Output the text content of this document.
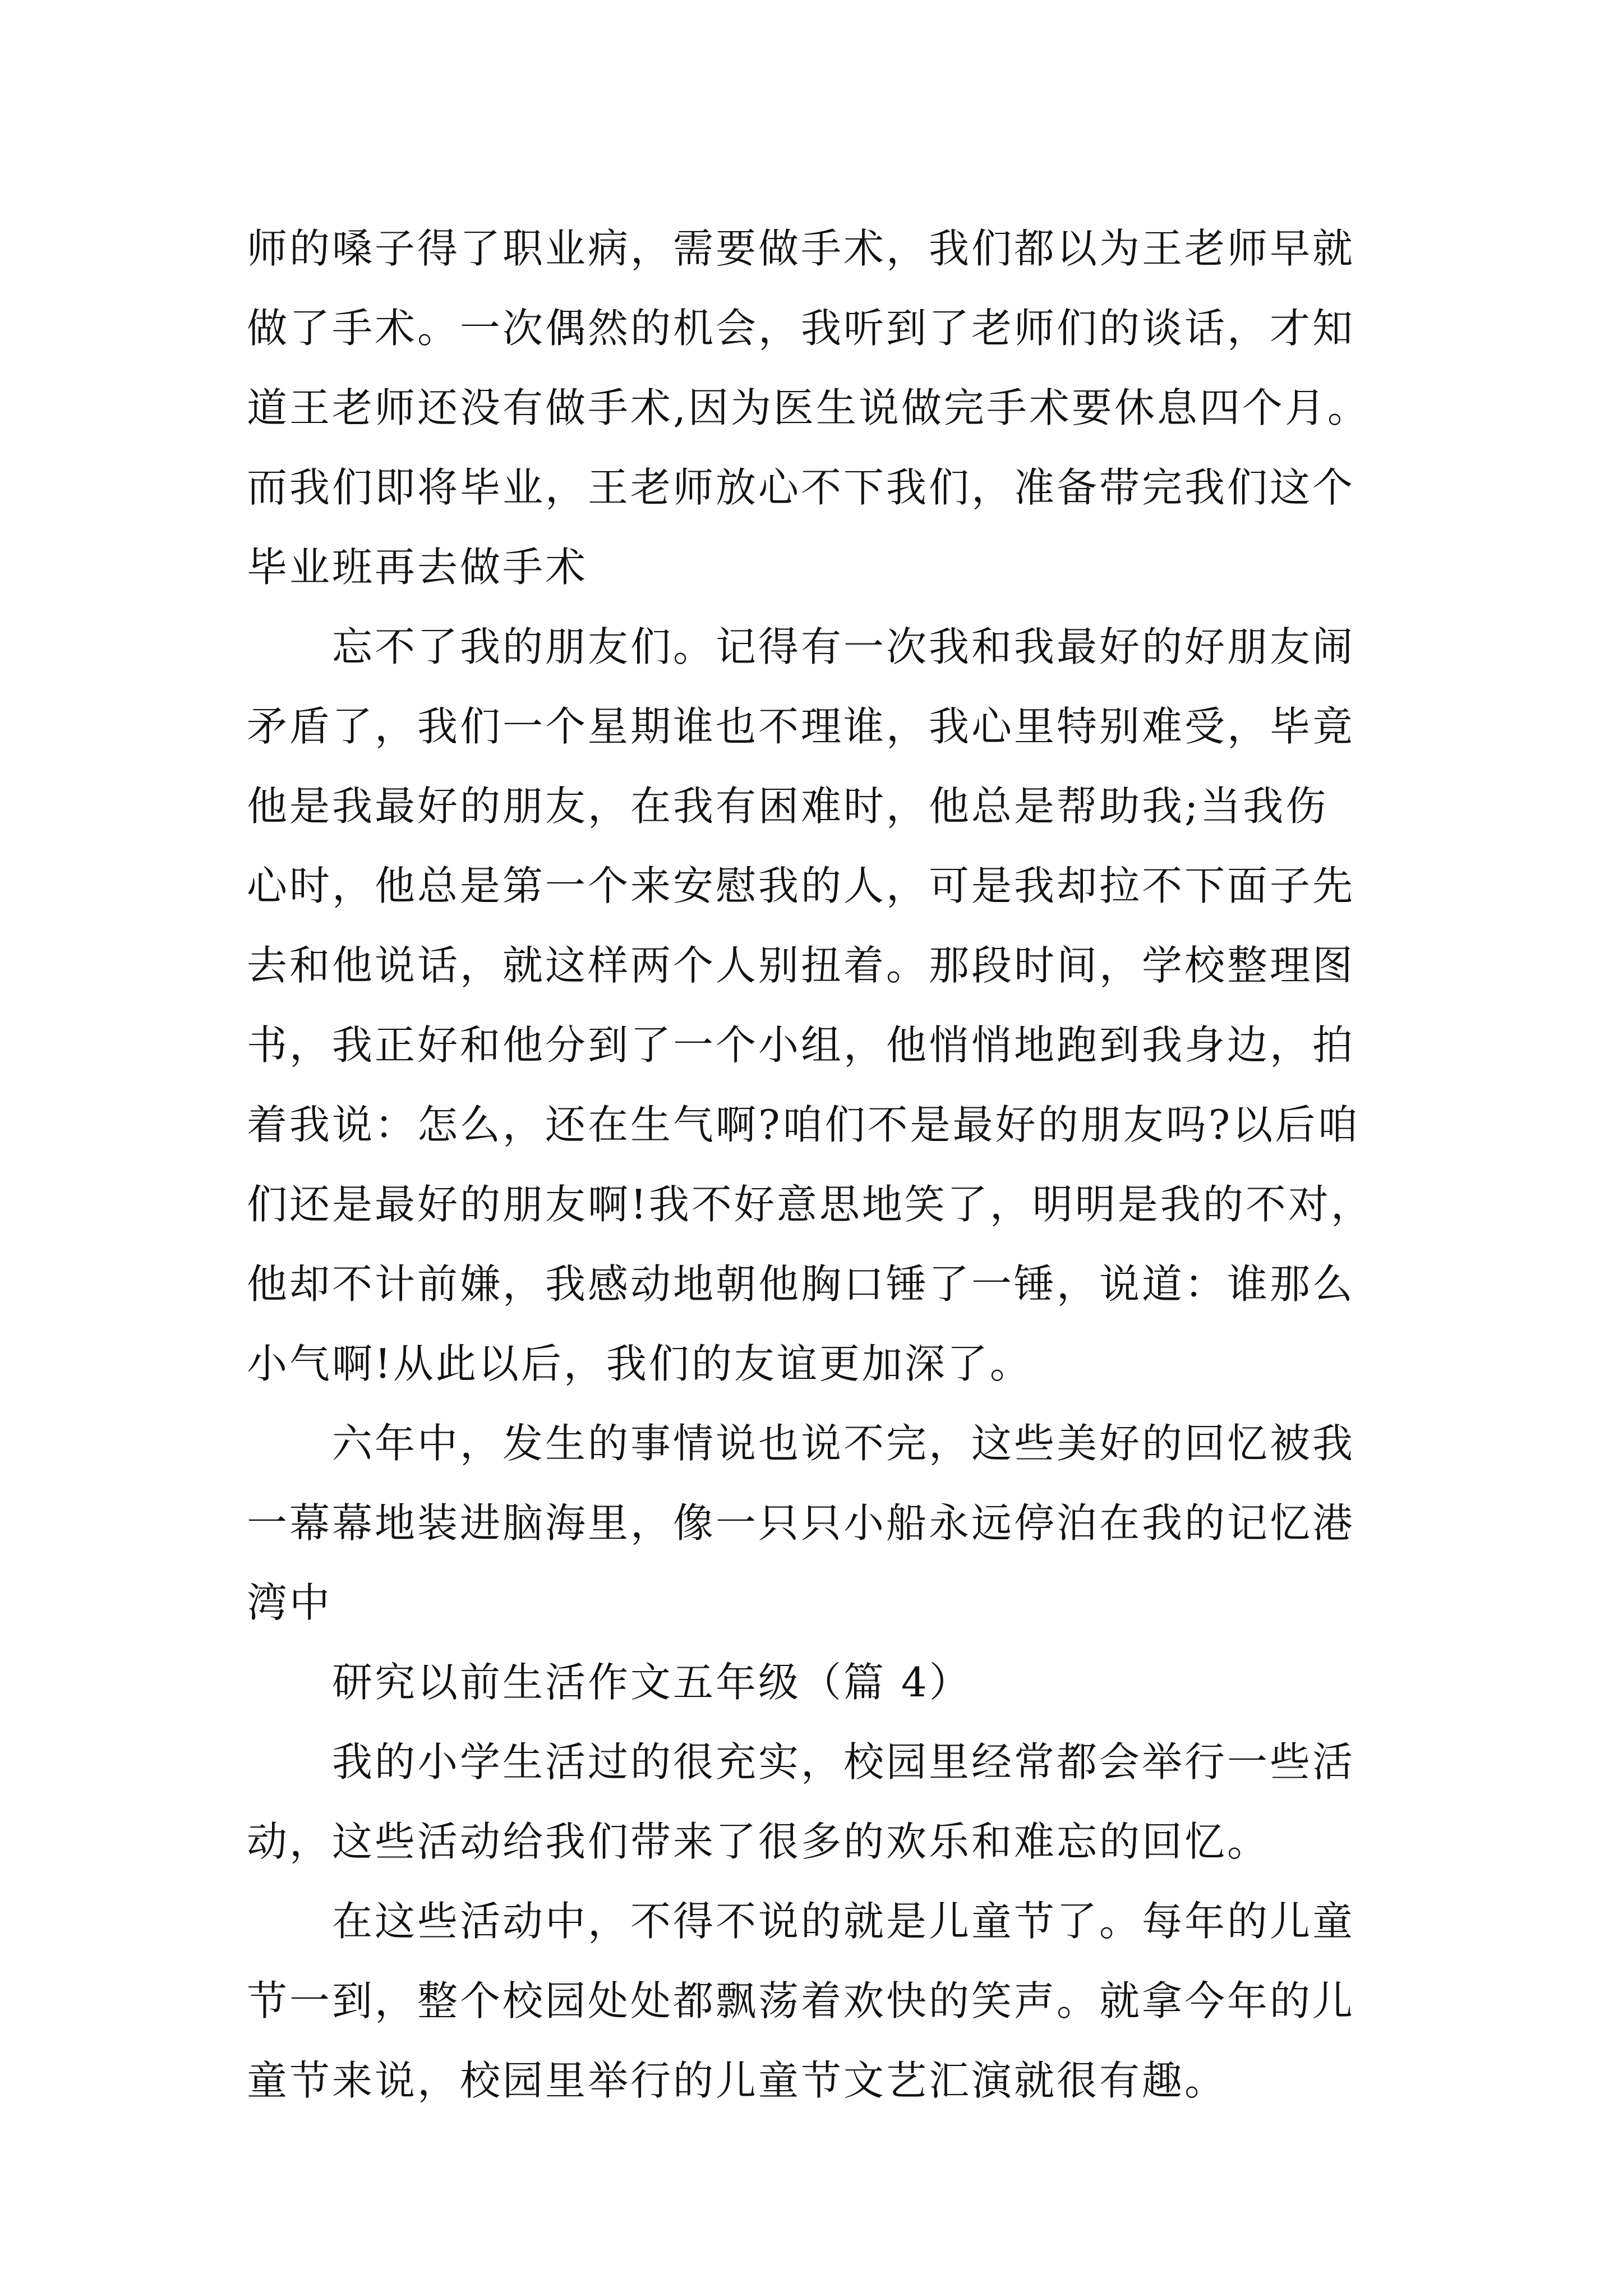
师的嗓子得了职业病，需要做手术，我们都以为王老师早就
做了手术。一次偶然的机会，我听到了老师们的谈话，才知
道王老师还没有做手术,因为医生说做完手术要休息四个月。
而我们即将毕业，王老师放心不下我们，准备带完我们这个
毕业班再去做手术
忘不了我的朋友们。记得有一次我和我最好的好朋友闹
矛盾了，我们一个星期谁也不理谁，我心里特别难受，毕竟
他是我最好的朋友，在我有困难时，他总是帮助我;当我伤
心时，他总是第一个来安慰我的人，可是我却拉不下面子先
去和他说话，就这样两个人别扭着。那段时间，学校整理图
书，我正好和他分到了一个小组，他悄悄地跑到我身边，拍
着我说：怎么，还在生气啊?咱们不是最好的朋友吗?以后咱
们还是最好的朋友啊!我不好意思地笑了，明明是我的不对，
他却不计前嫌，我感动地朝他胸口锤了一锤，说道：谁那么
小气啊!从此以后，我们的友谊更加深了。
六年中，发生的事情说也说不完，这些美好的回忆被我
一幕幕地装进脑海里，像一只只小船永远停泊在我的记忆港
湾中
研究以前生活作文五年级（篇 4）
我的小学生活过的很充实，校园里经常都会举行一些活
动，这些活动给我们带来了很多的欢乐和难忘的回忆。
在这些活动中，不得不说的就是儿童节了。每年的儿童
节一到，整个校园处处都飘荡着欢快的笑声。就拿今年的儿
童节来说，校园里举行的儿童节文艺汇演就很有趣。
